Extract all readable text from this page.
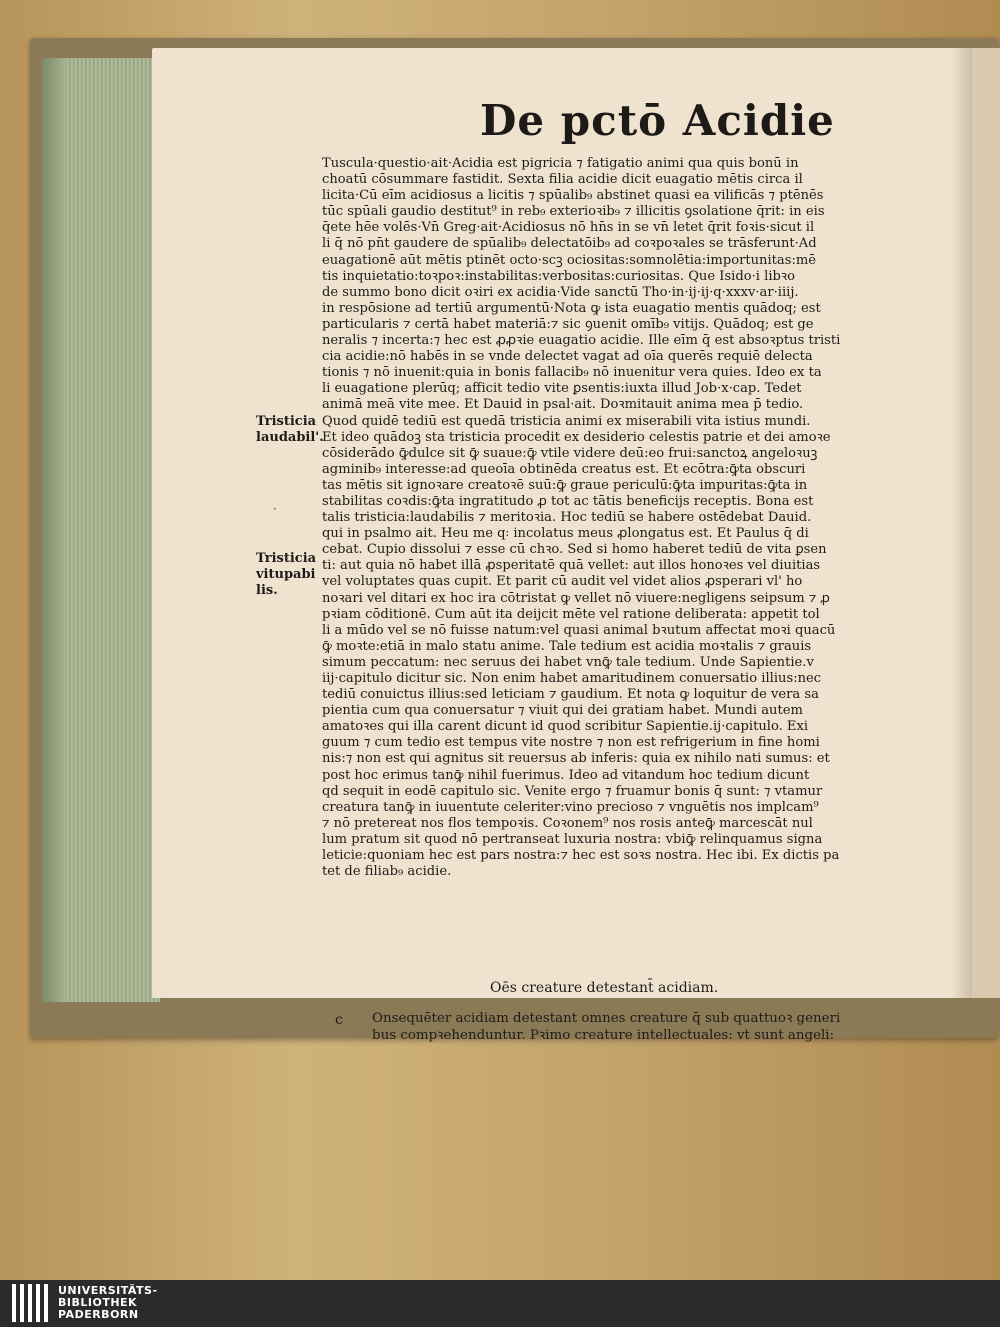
De pctō Acidie
Tuscula·questio·ait·Acidia est pigricia ⁊ fatigatio animi qua quis bonū in
choatū cōsummare fastidit. Sexta filia acidie dicit̄ euagatio mētis circa il
licita·Cū eīm acidiosus a licitis ⁊ spūalib₉ abstinet quasi ea vilificās ⁊ ptēnēs
tūc spūali gaudio destitut⁹ in reb₉ exterioꝛib₉ ⁊ illicitis ꝯsolatione q̄rit: in eis
q̄ete hēe volēs·Vn̄ Greg·ait·Acidiosus nō hn̄s in se vn̄ letet̄ q̄rit foꝛis·sicut il
li q̄ nō pn̄t gaudere de spūalib₉ delectatōib₉ ad coꝛpoꝛales se trāsferunt·Ad
euagationē aūt mētis ptinēt octo·scꝫ ociositas:somnolētia:importunitas:mē
tis inquietatio:toꝛpoꝛ:instabilitas:verbositas:curiositas. Que Isido·i libꝛo
de summo bono dicit oꝛiri ex acidia·Vide sanctū Tho·in·ij·ij·q·xxxv·ar·iiij.
in respōsione ad tertiū argumentū·Nota ꝙ ista euagatio mentis quādoq; est
particularis ⁊ certā habet materiā:⁊ sic ꝯuenit omīb₉ vitijs. Quādoq; est ge
neralis ⁊ incerta:⁊ hec est ꝓꝓꝛie euagatio acidie. Ille eīm q̄ est absoꝛptus tristi
cia acidie:nō habēs in se vnde delectet̄ vagat̄ ad oīa querēs requiē delecta
tionis ⁊ nō inuenit:quia in bonis fallacib₉ nō inuenitur vera quies. Ideo ex ta
li euagatione plerūq; afficit̄ tedio vite ꝑsentis:iuxta illud Job·x·cap. Tedet
animā meā vite mee. Et Dauid in psal·ait. Doꝛmitauit anima mea p̄ tedio.
Quod quidē tediū est quedā tristicia animi ex miserabili vita istius mundi.
Et ideo quādoꝫ sta tristicia procedit ex desiderio celestis patrie et dei amoꝛe
cōsiderādo ꝙ̄dulce sit ꝙ̄ suaue:ꝙ̄ vtile videre deū:eo frui:sanctoꝝ angeloꝛuꝫ
agminib₉ interesse:ad queoīa obtinēda creatus est. Et ecōtra:ꝙ̄ta obscuri
tas mētis sit ignoꝛare creatoꝛē suū:ꝙ̄ graue periculū:ꝙ̄ta impuritas:ꝙ̄ta in
stabilitas coꝛdis:ꝙ̄ta ingratitudo ꝓ tot ac tātis beneficijs receptis. Bona est
talis tristicia:laudabilis ⁊ meritoꝛia. Hoc tediū se habere ostēdebat Dauid.
qui in psalmo ait. Heu me q꞉ incolatus meus ꝓlongatus est. Et Paulus q̄ di
cebat. Cupio dissolui ⁊ esse cū chꝛo. Sed si homo haberet tediū de vita ꝑsen
ti: aut quia nō habet illā ꝓsperitatē quā vellet: aut illos honoꝛes vel diuitias
vel voluptates quas cupit. Et parit̄ cū audit vel videt alios ꝓsperari vl' ho
noꝛari vel ditari ex hoc ira cōtristat̄ ꝙ vellet nō viuere:negligens seipsum ⁊ ꝓ
pꝛiam cōditionē. Cum aūt ita deijcit̄ mēte vel ratione deliberata: appetit tol
li a mūdo vel se nō fuisse natum:vel quasi animal bꝛutum affectat moꝛi quacū
ꝙ̄ moꝛte:etiā in malo statu anime. Tale tedium est acidia moꝛtalis ⁊ grauis
simum peccatum: nec seruus dei habet vnꝙ̄ tale tedium. Unde Sapientie.v
iij·capitulo dicitur sic. Non enim habet amaritudinem conuersatio illius:nec
tediū conuictus illius:sed leticiam ⁊ gaudium. Et nota ꝙ loquitur de vera sa
pientia cum qua conuersatur ⁊ viuit qui dei gratiam habet. Mundi autem
amatoꝛes qui illa carent dicunt id quod scribitur Sapientie.ij·capitulo. Exi
guum ⁊ cum tedio est tempus vite nostre ⁊ non est refrigerium in fine homi
nis:⁊ non est qui agnitus sit reuersus ab inferis: quia ex nihilo nati sumus: et
post hoc erimus tanꝙ̄ nihil fuerimus. Ideo ad vitandum hoc tedium dicunt
qd̄ sequit̄ in eodē capitulo sic. Venite ergo ⁊ fruamur bonis q̄ sunt: ⁊ vtamur
creatura tanꝙ̄ in iuuentute celeriter:vino precioso ⁊ vnguētis nos implcam⁹
⁊ nō pretereat nos flos tempoꝛis. Coꝛonem⁹ nos rosis anteꝙ̄ marcescāt nul
lum pratum sit quod nō pertranseat luxuria nostra: vbiꝙ̄ relinquamus signa
leticie:quoniam hec est pars nostra:⁊ hec est soꝛs nostra. Hec ibi. Ex dictis pa
tet de filiab₉ acidie.
Tristicia
laudabil'.
·
Tristicia
vitupabi
lis.
Oēs creature detestant̄ acidiam.
c Onsequēter acidiam detestant̄ omnes creature q̄ sub quattuoꝛ generi
bus compꝛehenduntur. Pꝛimo creature intellectuales: vt sunt angeli:
UNIVERSITÄTS-
BIBLIOTHEK
PADERBORN
